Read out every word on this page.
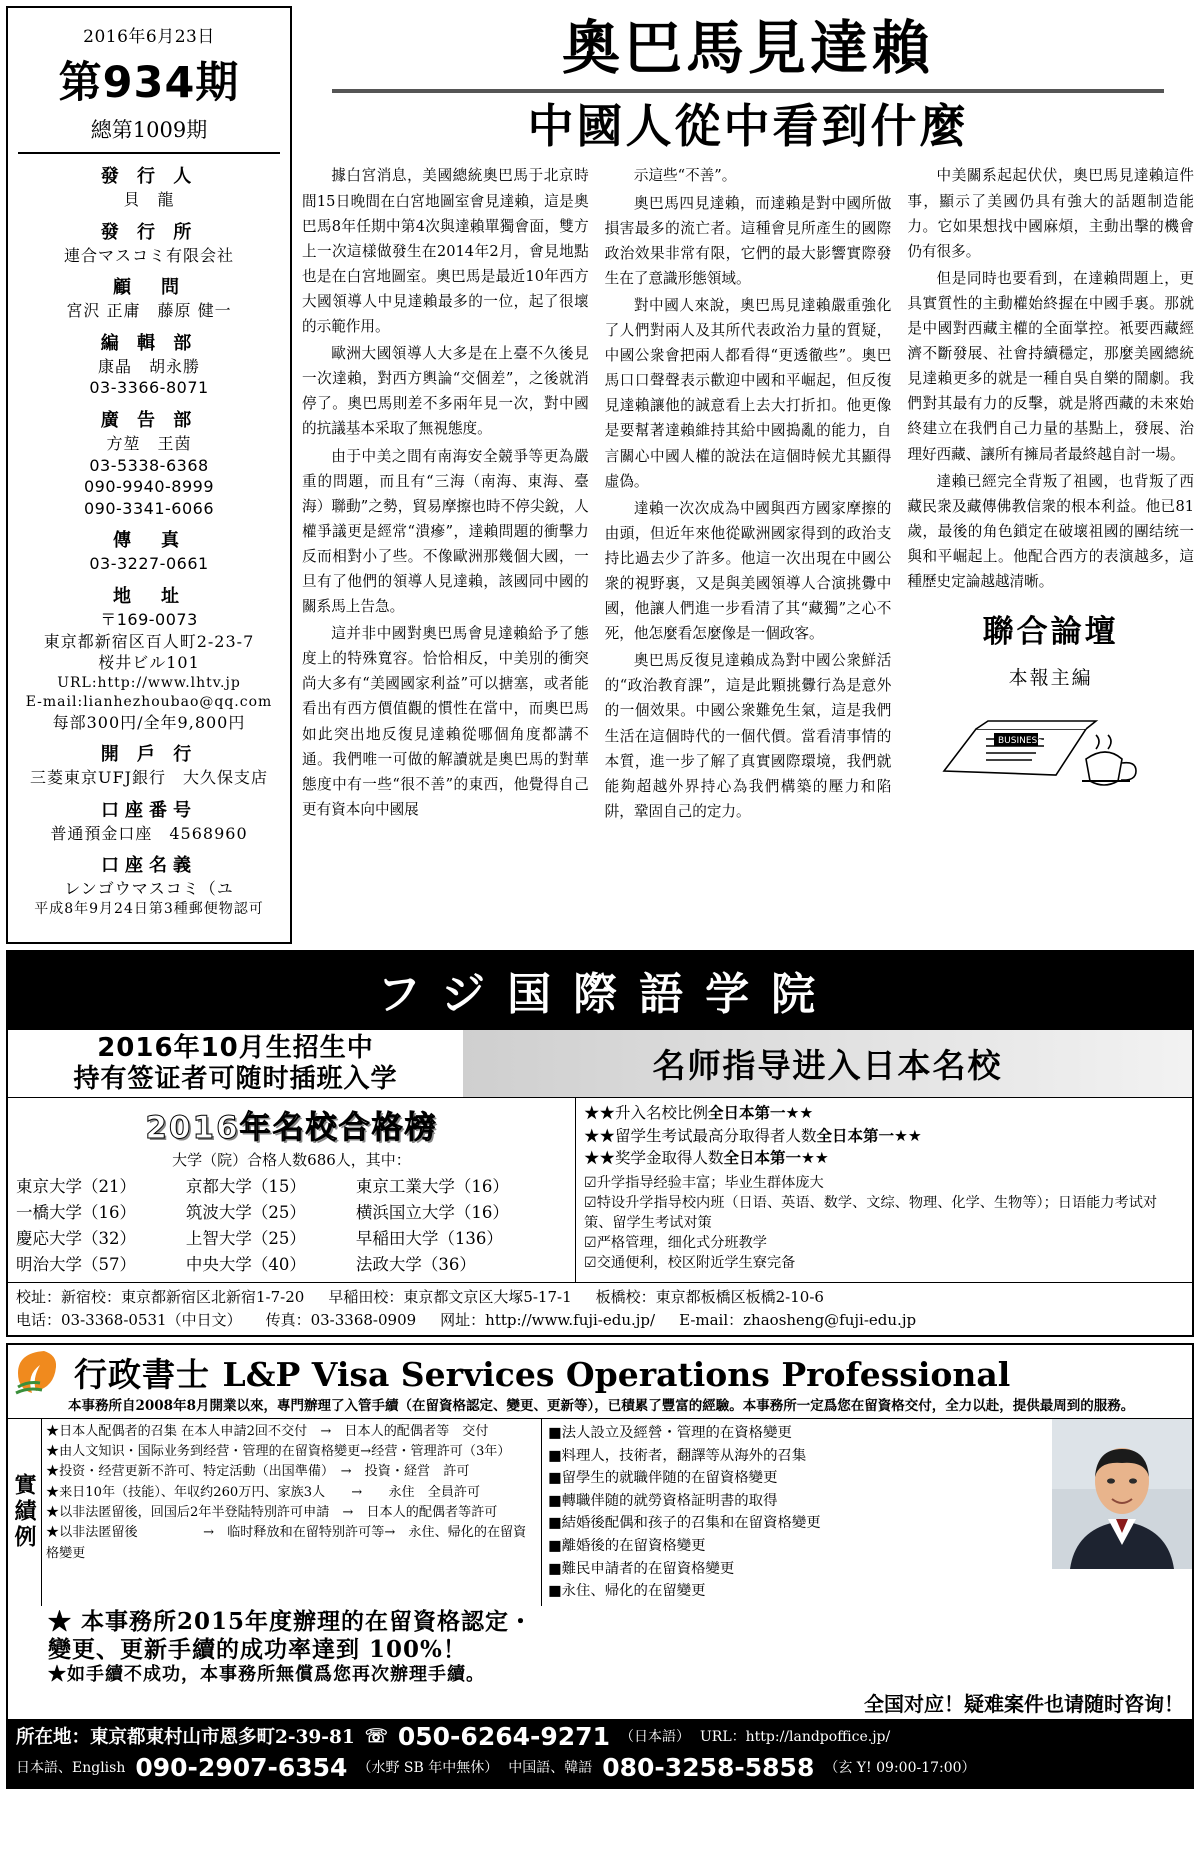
2016年6月23日
第934期
總第1009期
發 行 人
貝　龍
發 行 所
連合マスコミ有限会社
顧　問
宮沢 正庸　藤原 健一
編 輯 部
康晶　胡永勝
03-3366-8071
廣 告 部
方堃　王茵
03-5338-6368
090-9940-8999
090-3341-6066
傳　真
03-3227-0661
地　址
〒169-0073
東京都新宿区百人町2-23-7
桜井ビル101
URL:http://www.lhtv.jp
E-mail:lianhezhoubao@qq.com
每部300円/全年9,800円
開 戶 行
三菱東京UFJ銀行　大久保支店
口座番号
普通預金口座　4568960
口座名義
レンゴウマスコミ（ユ
平成8年9月24日第3種郵便物認可
奧巴馬見達賴
中國人從中看到什麼

據白宮消息，美國總統奧巴馬于北京時間15日晚間在白宮地圖室會見達賴，這是奧巴馬8年任期中第4次與達賴單獨會面，雙方上一次這樣做發生在2014年2月，會見地點也是在白宮地圖室。奧巴馬是最近10年西方大國領導人中見達賴最多的一位，起了很壞的示範作用。

歐洲大國領導人大多是在上臺不久後見一次達賴，對西方輿論“交個差”，之後就消停了。奧巴馬則差不多兩年見一次，對中國的抗議基本采取了無視態度。

由于中美之間有南海安全競爭等更為嚴重的問題，而且有“三海（南海、東海、臺海）聯動”之勢，貿易摩擦也時不停尖銳，人權爭議更是經常“潰瘮”，達賴問題的衝擊力反而相對小了些。不像歐洲那幾個大國，一旦有了他們的領導人見達賴，該國同中國的關系馬上告急。

這并非中國對奧巴馬會見達賴給予了態度上的特殊寬容。恰恰相反，中美別的衝突尚大多有“美國國家利益”可以搪塞，或者能看出有西方價值觀的慣性在當中，而奧巴馬如此突出地反復見達賴從哪個角度都講不通。我們唯一可做的解讀就是奧巴馬的對華態度中有一些“很不善”的東西，他覺得自己更有資本向中國展

示這些“不善”。

奧巴馬四見達賴，而達賴是對中國所做損害最多的流亡者。這種會見所產生的國際政治效果非常有限，它們的最大影響實際發生在了意識形態領域。

對中國人來說，奧巴馬見達賴嚴重強化了人們對兩人及其所代表政治力量的質疑，中國公衆會把兩人都看得“更透徹些”。奧巴馬口口聲聲表示歡迎中國和平崛起，但反復見達賴讓他的誠意看上去大打折扣。他更像是要幫著達賴維持其給中國搗亂的能力，自言關心中國人權的說法在這個時候尤其顯得虛偽。

達賴一次次成為中國與西方國家摩擦的由頭，但近年來他從歐洲國家得到的政治支持比過去少了許多。他這一次出現在中國公衆的視野裏，又是與美國領導人合演挑釁中國，他讓人們進一步看清了其“藏獨”之心不死，他怎麼看怎麼像是一個政客。

奧巴馬反復見達賴成為對中國公衆鮮活的“政治教育課”，這是此顆挑釁行為是意外的一個效果。中國公衆難免生氣，這是我們生活在這個時代的一個代價。當看清事情的本質，進一步了解了真實國際環境，我們就能夠超越外界持心為我們構築的壓力和陷阱，鞏固自己的定力。

中美關系起起伏伏，奧巴馬見達賴這件事，顯示了美國仍具有強大的話題制造能力。它如果想找中國麻煩，主動出擊的機會仍有很多。

但是同時也要看到，在達賴問題上，更具實質性的主動權始終握在中國手裏。那就是中國對西藏主權的全面掌控。衹要西藏經濟不斷發展、社會持續穩定，那麼美國總統見達賴更多的就是一種自吳自樂的鬧劇。我們對其最有力的反擊，就是將西藏的未來始終建立在我們自己力量的基點上，發展、治理好西藏、讓所有擁局者最終越自討一場。

達賴已經完全背叛了祖國，也背叛了西藏民衆及藏傳佛教信衆的根本利益。他已81歲，最後的角色鎖定在破壞祖國的團结统一與和平崛起上。他配合西方的表演越多，這種歷史定論越越清晰。

聯合論壇
本報主編
BUSINESS
フジ国際語学院
2016年10月生招生中
持有签证者可随时插班入学	名师指导进入日本名校
2016年名校合格榜
大学（院）合格人数686人，其中：
東京大学（21）	京都大学（15）	東京工業大学（16）
一橋大学（16）	筑波大学（25）	横浜国立大学（16）
慶応大学（32）	上智大学（25）	早稲田大学（136）
明治大学（57）	中央大学（40）	法政大学（36）
★★升入名校比例全日本第一★★
★★留学生考试最高分取得者人数全日本第一★★
★★奖学金取得人数全日本第一★★
☑升学指导经验丰富；毕业生群体庞大
☑特设升学指导校内班（日语、英语、数学、文综、物理、化学、生物等）；日语能力考试对策、留学生考试对策
☑严格管理，细化式分班教学
☑交通便利，校区附近学生寮完备
校址：新宿校：東京都新宿区北新宿1-7-20 早稲田校：東京都文京区大塚5-17-1 板橋校：東京都板橋区板橋2-10-6
电话：03-3368-0531（中日文） 传真：03-3368-0909 网址：http://www.fuji-edu.jp/ E-mail：zhaosheng@fuji-edu.jp
行政書士 L&P Visa Services Operations Professional
本事務所自2008年8月開業以來，專門辦理了入管手續（在留資格認定、變更、更新等），已積累了豐富的經驗。本事務所一定爲您在留資格交付，全力以赴，提供最周到的服務。
實績例
★日本人配偶者的召集 在本人申請2回不交付　→　日本人的配偶者等　交付
★由人文知识・国际业务到经营・管理的在留資格變更→经营・管理許可（3年）
★投资・经营更新不許可、特定活動（出国準備）　→　投資・経営　許可
★来日10年（技能）、年収约260万円、家族3人　　→　　永住　全員許可
★以非法匿留後，回国后2年半登陆特別許可申請　→　日本人的配偶者等許可
★以非法匿留後　　　　　→　临时释放和在留特别許可等→　永住、帰化的在留資格變更
■法人設立及經營・管理的在資格變更
■料理人，技術者，翻譯等从海外的召集
■留學生的就職伴随的在留資格變更
■轉職伴随的就勞資格証明書的取得
■結婚後配偶和孩子的召集和在留資格變更
■離婚後的在留資格變更
■難民申請者的在留資格變更
■永住、帰化的在留變更
★ 本事務所2015年度辦理的在留資格認定・
變更、更新手續的成功率達到 100%！
★如手續不成功，本事務所無償爲您再次辦理手續。
全国对应！疑难案件也请随时咨询！
所在地：東京都東村山市恩多町2-39-81 ☏ 050-6264-9271 （日本語） URL：http://landpoffice.jp/
日本語、English 090-2907-6354 （水野 SB 年中無休） 中国語、韓語 080-3258-5858 （玄 Y! 09:00-17:00）
